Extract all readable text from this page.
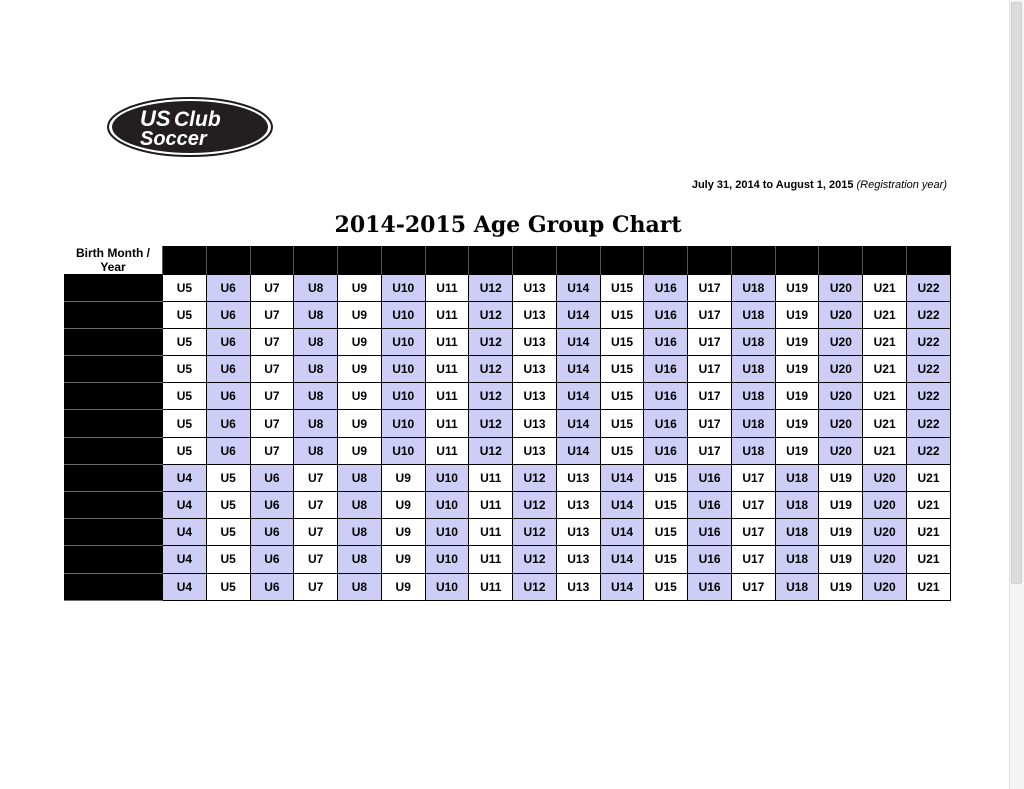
US Club
Soccer
July 31, 2014 to August 1, 2015 (Registration year)
2014-2015 Age Group Chart
Birth Month / Year	2010	2009	2008	2007	2006	2005	2004	2003	2002	2001	2000	1999	1998	1997	1996	1995	1994	1993
January	U5	U6	U7	U8	U9	U10	U11	U12	U13	U14	U15	U16	U17	U18	U19	U20	U21	U22
February	U5	U6	U7	U8	U9	U10	U11	U12	U13	U14	U15	U16	U17	U18	U19	U20	U21	U22
March	U5	U6	U7	U8	U9	U10	U11	U12	U13	U14	U15	U16	U17	U18	U19	U20	U21	U22
April	U5	U6	U7	U8	U9	U10	U11	U12	U13	U14	U15	U16	U17	U18	U19	U20	U21	U22
May	U5	U6	U7	U8	U9	U10	U11	U12	U13	U14	U15	U16	U17	U18	U19	U20	U21	U22
June	U5	U6	U7	U8	U9	U10	U11	U12	U13	U14	U15	U16	U17	U18	U19	U20	U21	U22
July	U5	U6	U7	U8	U9	U10	U11	U12	U13	U14	U15	U16	U17	U18	U19	U20	U21	U22
August	U4	U5	U6	U7	U8	U9	U10	U11	U12	U13	U14	U15	U16	U17	U18	U19	U20	U21
September	U4	U5	U6	U7	U8	U9	U10	U11	U12	U13	U14	U15	U16	U17	U18	U19	U20	U21
October	U4	U5	U6	U7	U8	U9	U10	U11	U12	U13	U14	U15	U16	U17	U18	U19	U20	U21
November	U4	U5	U6	U7	U8	U9	U10	U11	U12	U13	U14	U15	U16	U17	U18	U19	U20	U21
December	U4	U5	U6	U7	U8	U9	U10	U11	U12	U13	U14	U15	U16	U17	U18	U19	U20	U21
